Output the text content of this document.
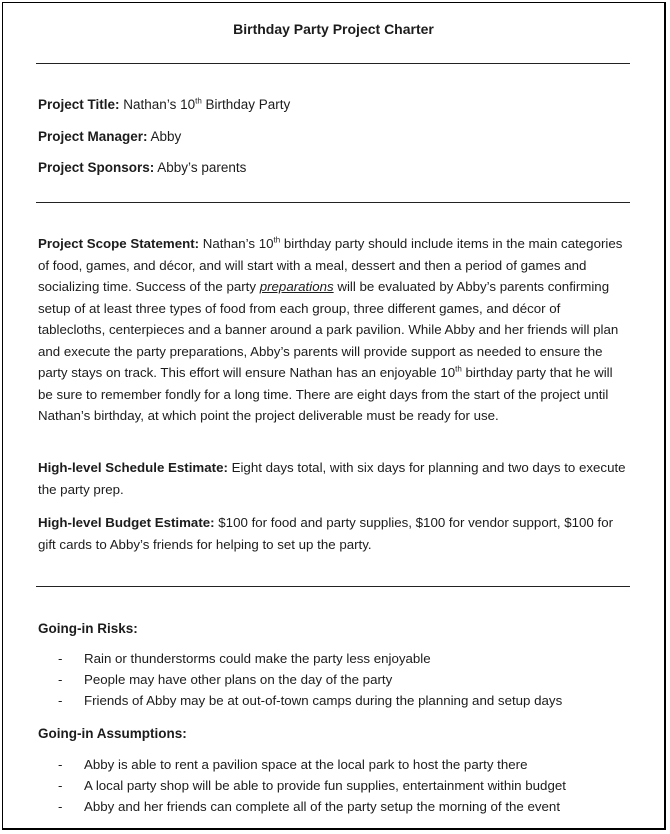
Birthday Party Project Charter
Project Title: Nathan’s 10th Birthday Party
Project Manager: Abby
Project Sponsors: Abby’s parents
Project Scope Statement: Nathan’s 10th birthday party should include items in the main categories of food, games, and décor, and will start with a meal, dessert and then a period of games and socializing time. Success of the party preparations will be evaluated by Abby’s parents confirming setup of at least three types of food from each group, three different games, and décor of tablecloths, centerpieces and a banner around a park pavilion. While Abby and her friends will plan and execute the party preparations, Abby’s parents will provide support as needed to ensure the party stays on track. This effort will ensure Nathan has an enjoyable 10th birthday party that he will be sure to remember fondly for a long time. There are eight days from the start of the project until Nathan’s birthday, at which point the project deliverable must be ready for use.
High-level Schedule Estimate: Eight days total, with six days for planning and two days to execute the party prep.
High-level Budget Estimate: $100 for food and party supplies, $100 for vendor support, $100 for gift cards to Abby’s friends for helping to set up the party.
Going-in Risks:
- Rain or thunderstorms could make the party less enjoyable
- People may have other plans on the day of the party
- Friends of Abby may be at out-of-town camps during the planning and setup days
Going-in Assumptions:
- Abby is able to rent a pavilion space at the local park to host the party there
- A local party shop will be able to provide fun supplies, entertainment within budget
- Abby and her friends can complete all of the party setup the morning of the event
